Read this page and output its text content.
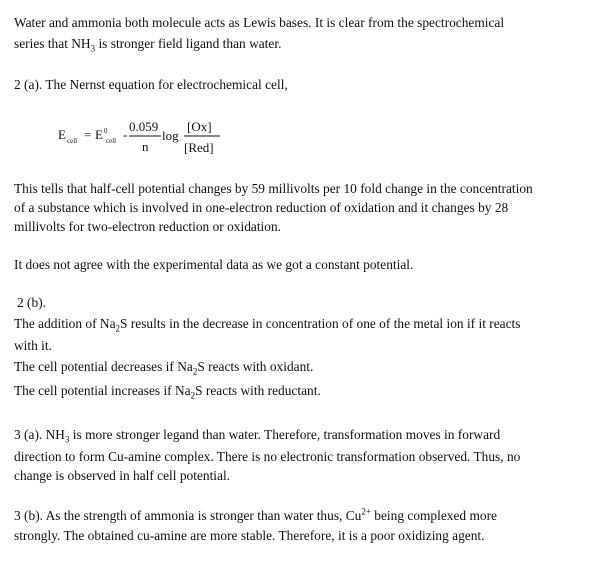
Water and ammonia both molecule acts as Lewis bases. It is clear from the spectrochemical
series that $NH_3$ is stronger field ligand than water.
2 (a). The Nernst equation for electrochemical cell,
E cell = E 0
cell -
0.059
n
log
[Ox]
[Red]
This tells that half-cell potential changes by 59 millivolts per 10 fold change in the concentration
of a substance which is involved in one-electron reduction of oxidation and it changes by 28
millivolts for two-electron reduction or oxidation.
It does not agree with the experimental data as we got a constant potential.
2 (b).
The addition of $Na_2S$ results in the decrease in concentration of one of the metal ion if it reacts
with it.
The cell potential decreases if $Na_2S$ reacts with oxidant.
The cell potential increases if $Na_2S$ reacts with reductant.
3 (a). $NH_3$ is more stronger legand than water. Therefore, transformation moves in forward
direction to form Cu-amine complex. There is no electronic transformation observed. Thus, no
change is observed in half cell potential.
3 (b). As the strength of ammonia is stronger than water thus, $Cu^{2+}$ being complexed more
strongly. The obtained cu-amine are more stable. Therefore, it is a poor oxidizing agent.
